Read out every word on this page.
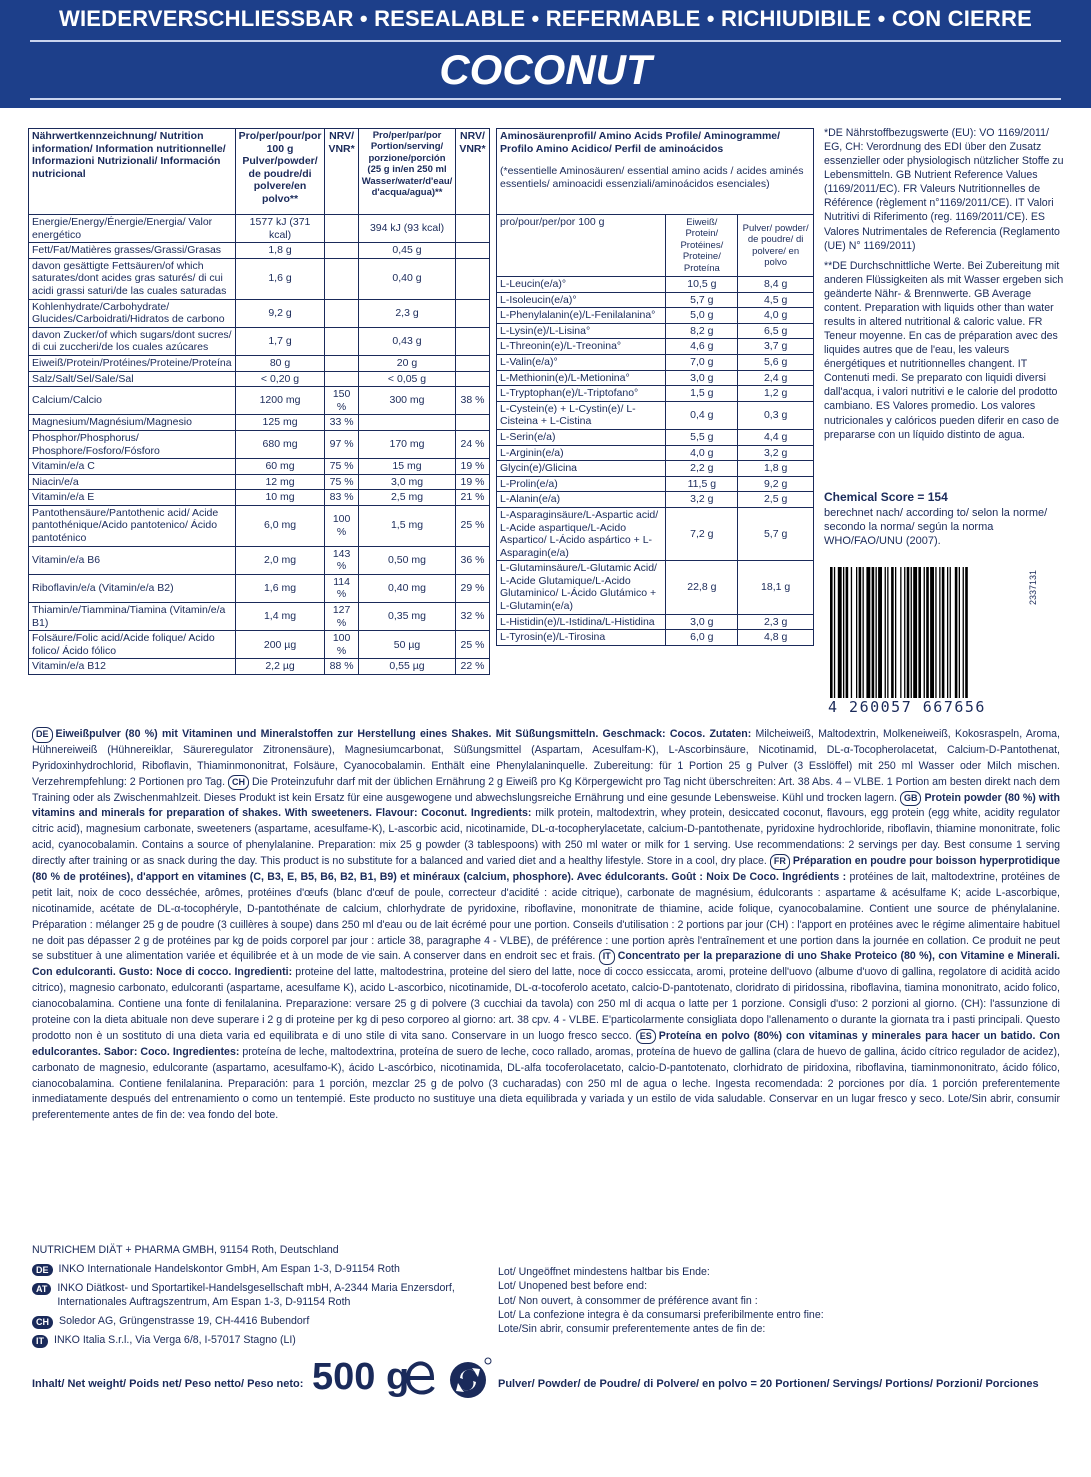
WIEDERVERSCHLIESSBAR • RESEALABLE • REFERMABLE • RICHIUDIBILE • CON CIERRE
COCONUT
Nährwertkennzeichnung/ Nutrition information/ Information nutritionnelle/ Informazioni Nutrizionali/ Información nutricional	Pro/per/pour/por 100 g Pulver/powder/ de poudre/di polvere/en polvo**	NRV/ VNR*	Pro/per/par/por Portion/serving/ porzione/porción (25 g in/en 250 ml Wasser/water/d'eau/ d'acqua/agua)**	NRV/ VNR*
Energie/Energy/Énergie/Energia/ Valor energético	1577 kJ (371 kcal)		394 kJ (93 kcal)	
Fett/Fat/Matières grasses/Grassi/Grasas	1,8 g		0,45 g	
davon gesättigte Fettsäuren/of which saturates/dont acides gras saturés/ di cui acidi grassi saturi/de las cuales saturadas	1,6 g		0,40 g	
Kohlenhydrate/Carbohydrate/ Glucides/Carboidrati/Hidratos de carbono	9,2 g		2,3 g	
davon Zucker/of which sugars/dont sucres/ di cui zuccheri/de los cuales azúcares	1,7 g		0,43 g	
Eiweiß/Protein/Protéines/Proteine/Proteína	80 g		20 g	
Salz/Salt/Sel/Sale/Sal	< 0,20 g		< 0,05 g	
Calcium/Calcio	1200 mg	150 %	300 mg	38 %
Magnesium/Magnésium/Magnesio	125 mg	33 %		
Phosphor/Phosphorus/ Phosphore/Fosforo/Fósforo	680 mg	97 %	170 mg	24 %
Vitamin/e/a C	60 mg	75 %	15 mg	19 %
Niacin/e/a	12 mg	75 %	3,0 mg	19 %
Vitamin/e/a E	10 mg	83 %	2,5 mg	21 %
Pantothensäure/Pantothenic acid/ Acide pantothénique/Acido pantotenico/ Ácido pantoténico	6,0 mg	100 %	1,5 mg	25 %
Vitamin/e/a B6	2,0 mg	143 %	0,50 mg	36 %
Riboflavin/e/a (Vitamin/e/a B2)	1,6 mg	114 %	0,40 mg	29 %
Thiamin/e/Tiammina/Tiamina (Vitamin/e/a B1)	1,4 mg	127 %	0,35 mg	32 %
Folsäure/Folic acid/Acide folique/ Acido folico/ Ácido fólico	200 µg	100 %	50 µg	25 %
Vitamin/e/a B12	2,2 µg	88 %	0,55 µg	22 %
Aminosäurenprofil/ Amino Acids Profile/ Aminogramme/ Profilo Amino Acidico/ Perfil de aminoácidos
(*essentielle Aminosäuren/ essential amino acids / acides aminés essentiels/ aminoacidi essenziali/aminoácidos esenciales)		

pro/pour/per/por 100 g	Eiweiß/ Protein/ Protéines/ Proteine/ Proteína	Pulver/ powder/ de poudre/ di polvere/ en polvo
L-Leucin(e/a)°	10,5 g	8,4 g
L-Isoleucin(e/a)°	5,7 g	4,5 g
L-Phenylalanin(e)/L-Fenilalanina°	5,0 g	4,0 g
L-Lysin(e)/L-Lisina°	8,2 g	6,5 g
L-Threonin(e)/L-Treonina°	4,6 g	3,7 g
L-Valin(e/a)°	7,0 g	5,6 g
L-Methionin(e)/L-Metionina°	3,0 g	2,4 g
L-Tryptophan(e)/L-Triptofano°	1,5 g	1,2 g
L-Cystein(e) + L-Cystin(e)/ L-Cisteina + L-Cistina	0,4 g	0,3 g
L-Serin(e/a)	5,5 g	4,4 g
L-Arginin(e/a)	4,0 g	3,2 g
Glycin(e)/Glicina	2,2 g	1,8 g
L-Prolin(e/a)	11,5 g	9,2 g
L-Alanin(e/a)	3,2 g	2,5 g
L-Asparaginsäure/L-Aspartic acid/ L-Acide aspartique/L-Acido Aspartico/ L-Ácido aspártico + L-Asparagin(e/a)	7,2 g	5,7 g
L-Glutaminsäure/L-Glutamic Acid/ L-Acide Glutamique/L-Acido Glutaminico/ L-Ácido Glutámico + L-Glutamin(e/a)	22,8 g	18,1 g
L-Histidin(e)/L-Istidina/L-Histidina	3,0 g	2,3 g
L-Tyrosin(e)/L-Tirosina	6,0 g	4,8 g

*DE Nährstoffbezugswerte (EU): VO 1169/2011/ EG, CH: Verordnung des EDI über den Zusatz essenzieller oder physiologisch nützlicher Stoffe zu Lebensmitteln. GB Nutrient Reference Values (1169/2011/EC). FR Valeurs Nutritionnelles de Référence (règlement n°1169/2011/CE). IT Valori Nutritivi di Riferimento (reg. 1169/2011/CE). ES Valores Nutrimentales de Referencia (Reglamento (UE) N° 1169/2011)

**DE Durchschnittliche Werte. Bei Zubereitung mit anderen Flüssigkeiten als mit Wasser ergeben sich geänderte Nähr- & Brennwerte. GB Average content. Preparation with liquids other than water results in altered nutritional & caloric value. FR Teneur moyenne. En cas de préparation avec des liquides autres que de l'eau, les valeurs énergétiques et nutritionnelles changent. IT Contenuti medi. Se preparato con liquidi diversi dall'acqua, i valori nutritivi e le calorie del prodotto cambiano. ES Valores promedio. Los valores nutricionales y calóricos pueden diferir en caso de prepararse con un líquido distinto de agua.

Chemical Score = 154
berechnet nach/ according to/ selon la norme/ secondo la norma/ según la norma WHO/FAO/UNU (2007).
2337131
4 260057 667656
DE Eiweißpulver (80 %) mit Vitaminen und Mineralstoffen zur Herstellung eines Shakes. Mit Süßungsmitteln. Geschmack: Cocos. Zutaten: Milcheiweiß, Maltodextrin, Molkeneiweiß, Kokosraspeln, Aroma, Hühnereiweiß (Hühnereiklar, Säureregulator Zitronensäure), Magnesiumcarbonat, Süßungsmittel (Aspartam, Acesulfam-K), L-Ascorbinsäure, Nicotinamid, DL-α-Tocopherolacetat, Calcium-D-Pantothenat, Pyridoxinhydrochlorid, Riboflavin, Thiaminmononitrat, Folsäure, Cyanocobalamin. Enthält eine Phenylalaninquelle. Zubereitung: für 1 Portion 25 g Pulver (3 Esslöffel) mit 250 ml Wasser oder Milch mischen. Verzehrempfehlung: 2 Portionen pro Tag. CH Die Proteinzufuhr darf mit der üblichen Ernährung 2 g Eiweiß pro Kg Körpergewicht pro Tag nicht überschreiten: Art. 38 Abs. 4 – VLBE. 1 Portion am besten direkt nach dem Training oder als Zwischenmahlzeit. Dieses Produkt ist kein Ersatz für eine ausgewogene und abwechslungsreiche Ernährung und eine gesunde Lebensweise. Kühl und trocken lagern. GB Protein powder (80 %) with vitamins and minerals for preparation of shakes. With sweeteners. Flavour: Coconut. Ingredients: milk protein, maltodextrin, whey protein, desiccated coconut, flavours, egg protein (egg white, acidity regulator citric acid), magnesium carbonate, sweeteners (aspartame, acesulfame-K), L-ascorbic acid, nicotinamide, DL-α-tocopherylacetate, calcium-D-pantothenate, pyridoxine hydrochloride, riboflavin, thiamine mononitrate, folic acid, cyanocobalamin. Contains a source of phenylalanine. Preparation: mix 25 g powder (3 tablespoons) with 250 ml water or milk for 1 serving. Use recommendations: 2 servings per day. Best consume 1 serving directly after training or as snack during the day. This product is no substitute for a balanced and varied diet and a healthy lifestyle. Store in a cool, dry place. FR Préparation en poudre pour boisson hyperprotidique (80 % de protéines), d'apport en vitamines (C, B3, E, B5, B6, B2, B1, B9) et minéraux (calcium, phosphore). Avec édulcorants. Goût : Noix De Coco. Ingrédients : protéines de lait, maltodextrine, protéines de petit lait, noix de coco desséchée, arômes, protéines d'œufs (blanc d'œuf de poule, correcteur d'acidité : acide citrique), carbonate de magnésium, édulcorants : aspartame & acésulfame K; acide L-ascorbique, nicotinamide, acétate de DL-α-tocophéryle, D-pantothénate de calcium, chlorhydrate de pyridoxine, riboflavine, mononitrate de thiamine, acide folique, cyanocobalamine. Contient une source de phénylalanine. Préparation : mélanger 25 g de poudre (3 cuillères à soupe) dans 250 ml d'eau ou de lait écrémé pour une portion. Conseils d'utilisation : 2 portions par jour (CH) : l'apport en protéines avec le régime alimentaire habituel ne doit pas dépasser 2 g de protéines par kg de poids corporel par jour : article 38, paragraphe 4 - VLBE), de préférence : une portion après l'entraînement et une portion dans la journée en collation. Ce produit ne peut se substituer à une alimentation variée et équilibrée et à un mode de vie sain. A conserver dans en endroit sec et frais. IT Concentrato per la preparazione di uno Shake Proteico (80 %), con Vitamine e Minerali. Con edulcoranti. Gusto: Noce di cocco. Ingredienti: proteine del latte, maltodestrina, proteine del siero del latte, noce di cocco essiccata, aromi, proteine dell'uovo (albume d'uovo di gallina, regolatore di acidità acido citrico), magnesio carbonato, edulcoranti (aspartame, acesulfame K), acido L-ascorbico, nicotinamide, DL-α-tocoferolo acetato, calcio-D-pantotenato, cloridrato di piridossina, riboflavina, tiamina mononitrato, acido folico, cianocobalamina. Contiene una fonte di fenilalanina. Preparazione: versare 25 g di polvere (3 cucchiai da tavola) con 250 ml di acqua o latte per 1 porzione. Consigli d'uso: 2 porzioni al giorno. (CH): l'assunzione di proteine con la dieta abituale non deve superare i 2 g di proteine per kg di peso corporeo al giorno: art. 38 cpv. 4 - VLBE. E'particolarmente consigliata dopo l'allenamento o durante la giornata tra i pasti principali. Questo prodotto non è un sostituto di una dieta varia ed equilibrata e di uno stile di vita sano. Conservare in un luogo fresco secco. ES Proteína en polvo (80%) con vitaminas y minerales para hacer un batido. Con edulcorantes. Sabor: Coco. Ingredientes: proteína de leche, maltodextrina, proteína de suero de leche, coco rallado, aromas, proteína de huevo de gallina (clara de huevo de gallina, ácido cítrico regulador de acidez), carbonato de magnesio, edulcorante (aspartamo, acesulfamo-K), ácido L-ascórbico, nicotinamida, DL-alfa tocoferolacetato, calcio-D-pantotenato, clorhidrato de piridoxina, riboflavina, tiaminmononitrato, ácido fólico, cianocobalamina. Contiene fenilalanina. Preparación: para 1 porción, mezclar 25 g de polvo (3 cucharadas) con 250 ml de agua o leche. Ingesta recomendada: 2 porciones por día. 1 porción preferentemente inmediatamente después del entrenamiento o como un tentempié. Este producto no sustituye una dieta equilibrada y variada y un estilo de vida saludable. Conservar en un lugar fresco y seco. Lote/Sin abrir, consumir preferentemente antes de fin de: vea fondo del bote.
NUTRICHEM DIÄT + PHARMA GMBH, 91154 Roth, Deutschland
DE INKO Internationale Handelskontor GmbH, Am Espan 1-3, D-91154 Roth
AT INKO Diätkost- und Sportartikel-Handelsgesellschaft mbH, A-2344 Maria Enzersdorf, Internationales Auftragszentrum, Am Espan 1-3, D-91154 Roth
CH Soledor AG, Grüngenstrasse 19, CH-4416 Bubendorf
IT INKO Italia S.r.l., Via Verga 6/8, I-57017 Stagno (LI)
Lot/ Ungeöffnet mindestens haltbar bis Ende:
Lot/ Unopened best before end:
Lot/ Non ouvert, à consommer de préférence avant fin :
Lot/ La confezione integra è da consumarsi preferibilmente entro fine:
Lote/Sin abrir, consumir preferentemente antes de fin de:
Inhalt/ Net weight/ Poids net/ Peso netto/ Peso neto: 500 g	Pulver/ Powder/ de Poudre/ di Polvere/ en polvo = 20 Portionen/ Servings/ Portions/ Porzioni/ Porciones
